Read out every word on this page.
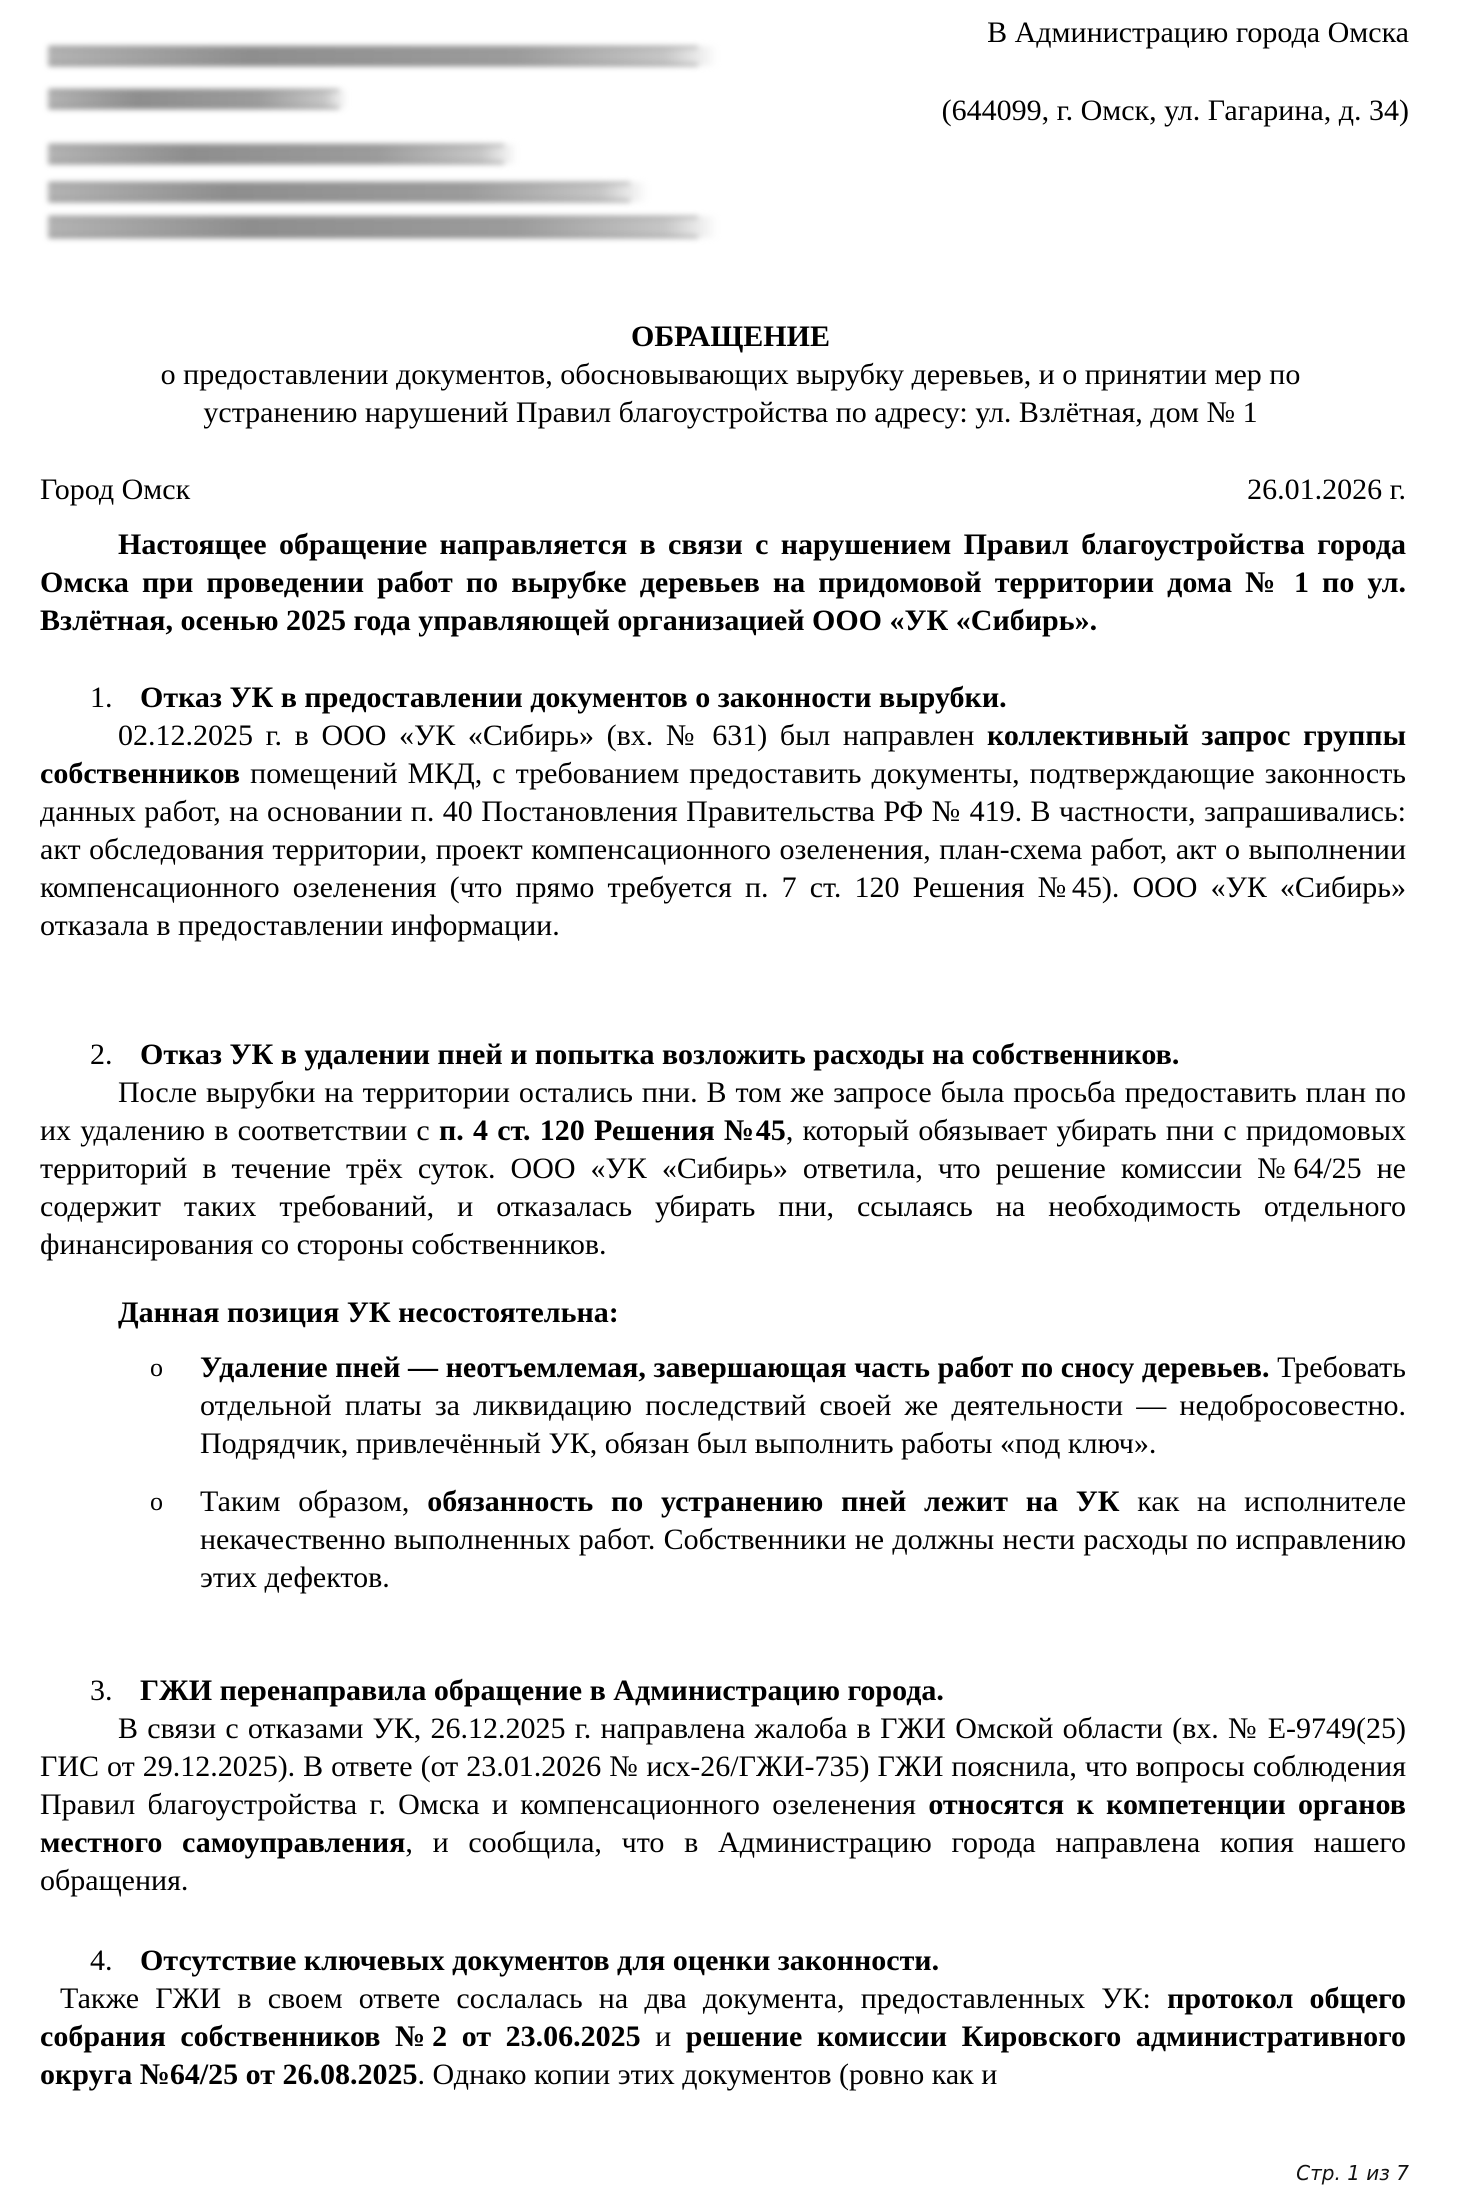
В Администрацию города Омска
(644099, г. Омск, ул. Гагарина, д. 34)
ОБРАЩЕНИЕ
о предоставлении документов, обосновывающих вырубку деревьев, и о принятии мер по
устранению нарушений Правил благоустройства по адресу: ул. Взлётная, дом № 1
Город Омск	26.01.2026 г.

Настоящее обращение направляется в связи с нарушением Правил благоустройства города Омска при проведении работ по вырубке деревьев на придомовой территории дома № 1 по ул. Взлётная, осенью 2025 года управляющей организацией ООО «УК «Сибирь».

1. Отказ УК в предоставлении документов о законности вырубки.

02.12.2025 г. в ООО «УК «Сибирь» (вх. № 631) был направлен коллективный запрос группы собственников помещений МКД, с требованием предоставить документы, подтверждающие законность данных работ, на основании п. 40 Постановления Правительства РФ № 419. В частности, запрашивались: акт обследования территории, проект компенсационного озеленения, план-схема работ, акт о выполнении компенсационного озеленения (что прямо требуется п. 7 ст. 120 Решения №45). ООО «УК «Сибирь» отказала в предоставлении информации.

2. Отказ УК в удалении пней и попытка возложить расходы на собственников.

После вырубки на территории остались пни. В том же запросе была просьба предоставить план по их удалению в соответствии с п. 4 ст. 120 Решения №45, который обязывает убирать пни с придомовых территорий в течение трёх суток. ООО «УК «Сибирь» ответила, что решение комиссии №64/25 не содержит таких требований, и отказалась убирать пни, ссылаясь на необходимость отдельного финансирования со стороны собственников.

Данная позиция УК несостоятельна:
o	Удаление пней — неотъемлемая, завершающая часть работ по сносу деревьев. Требовать отдельной платы за ликвидацию последствий своей же деятельности — недобросовестно. Подрядчик, привлечённый УК, обязан был выполнить работы «под ключ».
o	Таким образом, обязанность по устранению пней лежит на УК как на исполнителе некачественно выполненных работ. Собственники не должны нести расходы по исправлению этих дефектов.
3. ГЖИ перенаправила обращение в Администрацию города.

В связи с отказами УК, 26.12.2025 г. направлена жалоба в ГЖИ Омской области (вх. № Е-9749(25) ГИС от 29.12.2025). В ответе (от 23.01.2026 № исх-26/ГЖИ-735) ГЖИ пояснила, что вопросы соблюдения Правил благоустройства г. Омска и компенсационного озеленения относятся к компетенции органов местного самоуправления, и сообщила, что в Администрацию города направлена копия нашего обращения.

4. Отсутствие ключевых документов для оценки законности.

Также ГЖИ в своем ответе сослалась на два документа, предоставленных УК: протокол общего собрания собственников №2 от 23.06.2025 и решение комиссии Кировского административного округа №64/25 от 26.08.2025. Однако копии этих документов (ровно как и

Стр. 1 из 7
